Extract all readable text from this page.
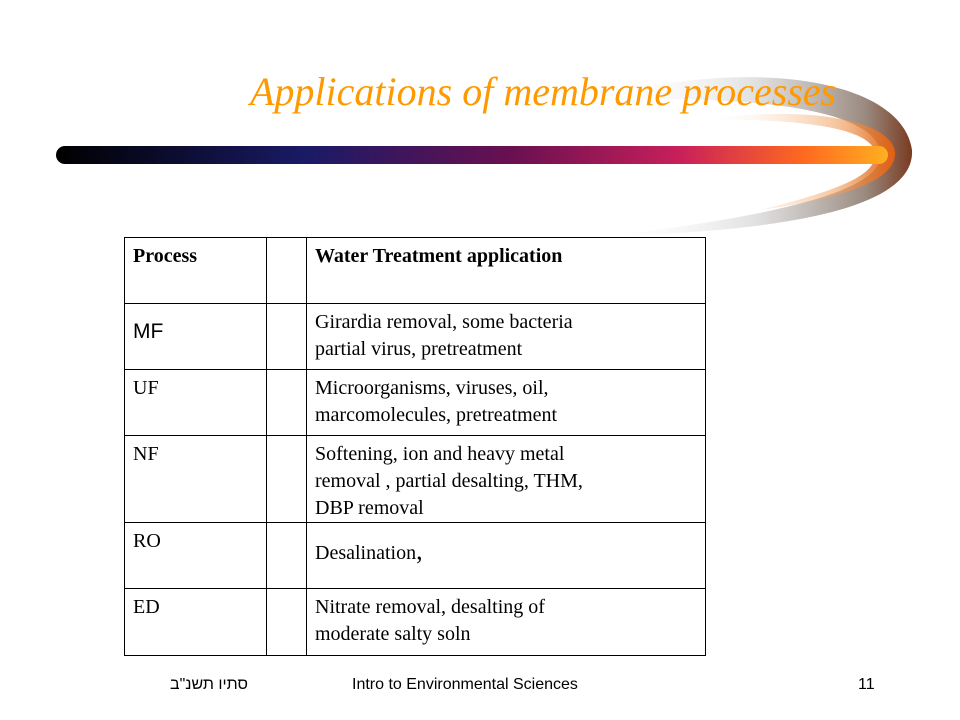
Applications of membrane processes
Process		Water Treatment application
MF		Girardia removal, some bacteria
partial virus, pretreatment

UF		Microorganisms, viruses, oil,
marcomolecules, pretreatment

NF		Softening, ion and heavy metal
removal , partial desalting, THM,
DBP removal

RO		Desalination,
ED		Nitrate removal, desalting of
moderate salty soln
סתיו תשנ"ב	Intro to Environmental Sciences	11
